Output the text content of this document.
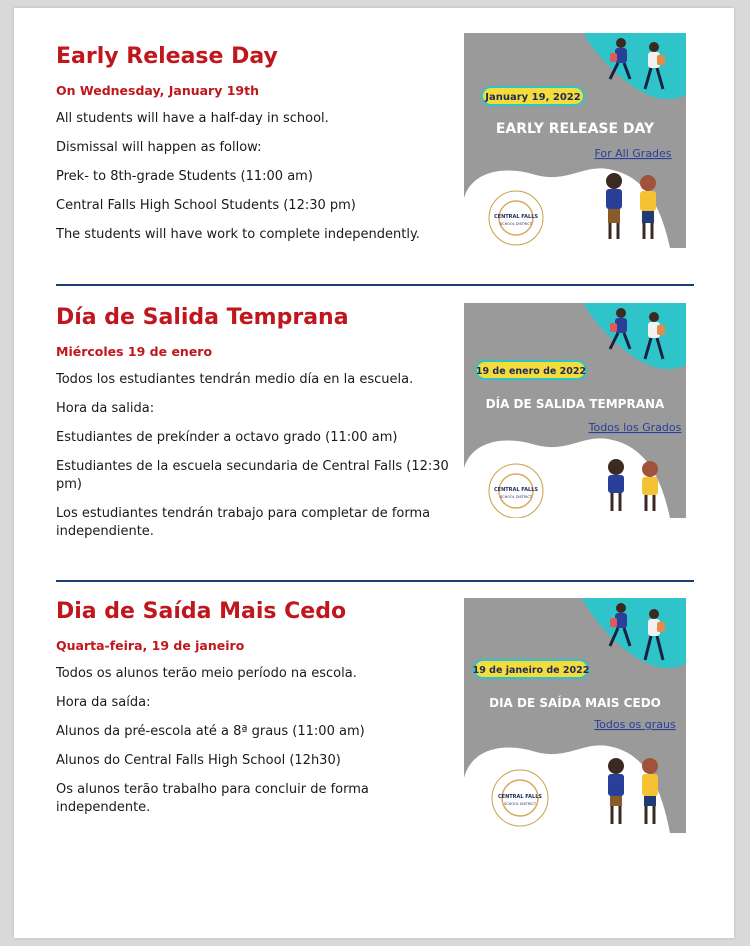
Early Release Day
On Wednesday, January 19th
All students will have a half-day in school.
Dismissal will happen as follow:
Prek- to 8th-grade Students (11:00 am)
Central Falls High School Students (12:30 pm)
The students will have work to complete independently.
January 19, 2022
EARLY RELEASE DAY
For All Grades
CENTRAL FALLS
SCHOOL DISTRICT
Día de Salida Temprana
Miércoles 19 de enero
Todos los estudiantes tendrán medio día en la escuela.
Hora da salida:
Estudiantes de prekínder a octavo grado (11:00 am)
Estudiantes de la escuela secundaria de Central Falls (12:30 pm)
Los estudiantes tendrán trabajo para completar de forma independiente.
19 de enero de 2022
DÍA DE SALIDA TEMPRANA
Todos los Grados
CENTRAL FALLS
SCHOOL DISTRICT
Dia de Saída Mais Cedo
Quarta-feira, 19 de janeiro
Todos os alunos terão meio período na escola.
Hora da saída:
Alunos da pré-escola até a 8ª graus (11:00 am)
Alunos do Central Falls High School (12h30)
Os alunos terão trabalho para concluir de forma independente.
19 de janeiro de 2022
DIA DE SAÍDA MAIS CEDO
Todos os graus
CENTRAL FALLS
SCHOOL DISTRICT
